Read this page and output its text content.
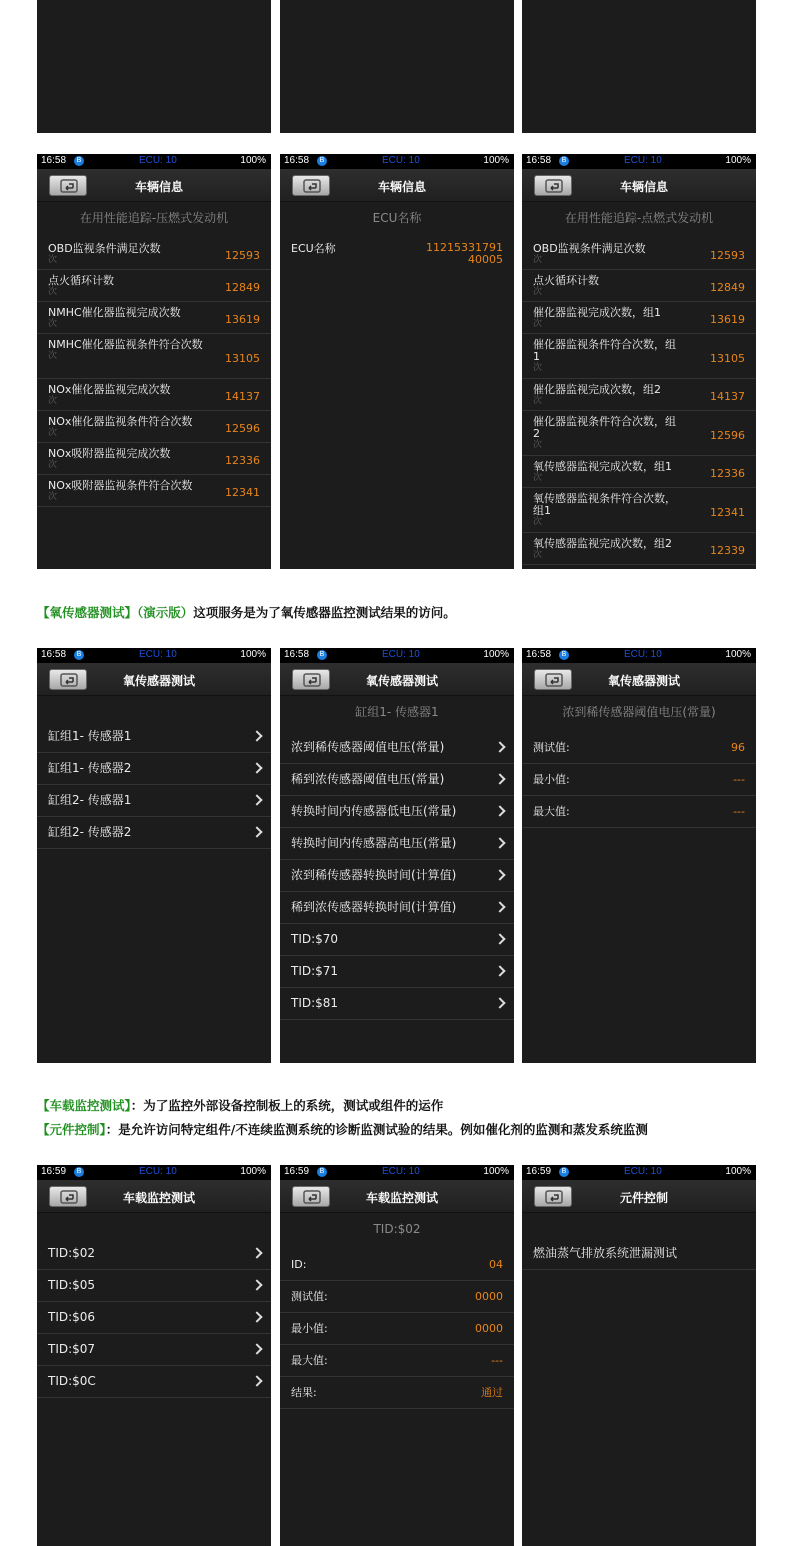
16:58	B	ECU: 10	100%
车辆信息
在用性能追踪-压燃式发动机
OBD监视条件满足次数
次	12593
点火循环计数
次	12849
NMHC催化器监视完成次数
次	13619
NMHC催化器监视条件符合次数
次	13105
NOx催化器监视完成次数
次	14137
NOx催化器监视条件符合次数
次	12596
NOx吸附器监视完成次数
次	12336
NOx吸附器监视条件符合次数
次	12341
16:58	B	ECU: 10	100%
车辆信息
ECU名称
ECU名称	11215331791
40005
16:58	B	ECU: 10	100%
车辆信息
在用性能追踪-点燃式发动机
OBD监视条件满足次数
次	12593
点火循环计数
次	12849
催化器监视完成次数，组1
次	13619
催化器监视条件符合次数，组1
次
13105
催化器监视完成次数，组2
次	14137
催化器监视条件符合次数，组2
次
12596
氧传感器监视完成次数，组1
次	12336
氧传感器监视条件符合次数，组1
次
12341
氧传感器监视完成次数，组2
次	12339
【氧传感器测试】（演示版）这项服务是为了氧传感器监控测试结果的访问。
16:58	B	ECU: 10	100%
氧传感器测试
缸组1- 传感器1
缸组1- 传感器2
缸组2- 传感器1
缸组2- 传感器2
16:58	B	ECU: 10	100%
氧传感器测试
缸组1- 传感器1
浓到稀传感器阈值电压(常量)
稀到浓传感器阈值电压(常量)
转换时间内传感器低电压(常量)
转换时间内传感器高电压(常量)
浓到稀传感器转换时间(计算值)
稀到浓传感器转换时间(计算值)
TID:$70
TID:$71
TID:$81
16:58	B	ECU: 10	100%
氧传感器测试
浓到稀传感器阈值电压(常量)
测试值:	96
最小值:	---
最大值:	---
【车载监控测试】：为了监控外部设备控制板上的系统，测试或组件的运作
【元件控制】：是允许访问特定组件/不连续监测系统的诊断监测试验的结果。例如催化剂的监测和蒸发系统监测
16:59	B	ECU: 10	100%
车载监控测试
TID:$02
TID:$05
TID:$06
TID:$07
TID:$0C
16:59	B	ECU: 10	100%
车载监控测试
TID:$02
ID:	04
测试值:	0000
最小值:	0000
最大值:	---
结果:	通过
16:59	B	ECU: 10	100%
元件控制
燃油蒸气排放系统泄漏测试
